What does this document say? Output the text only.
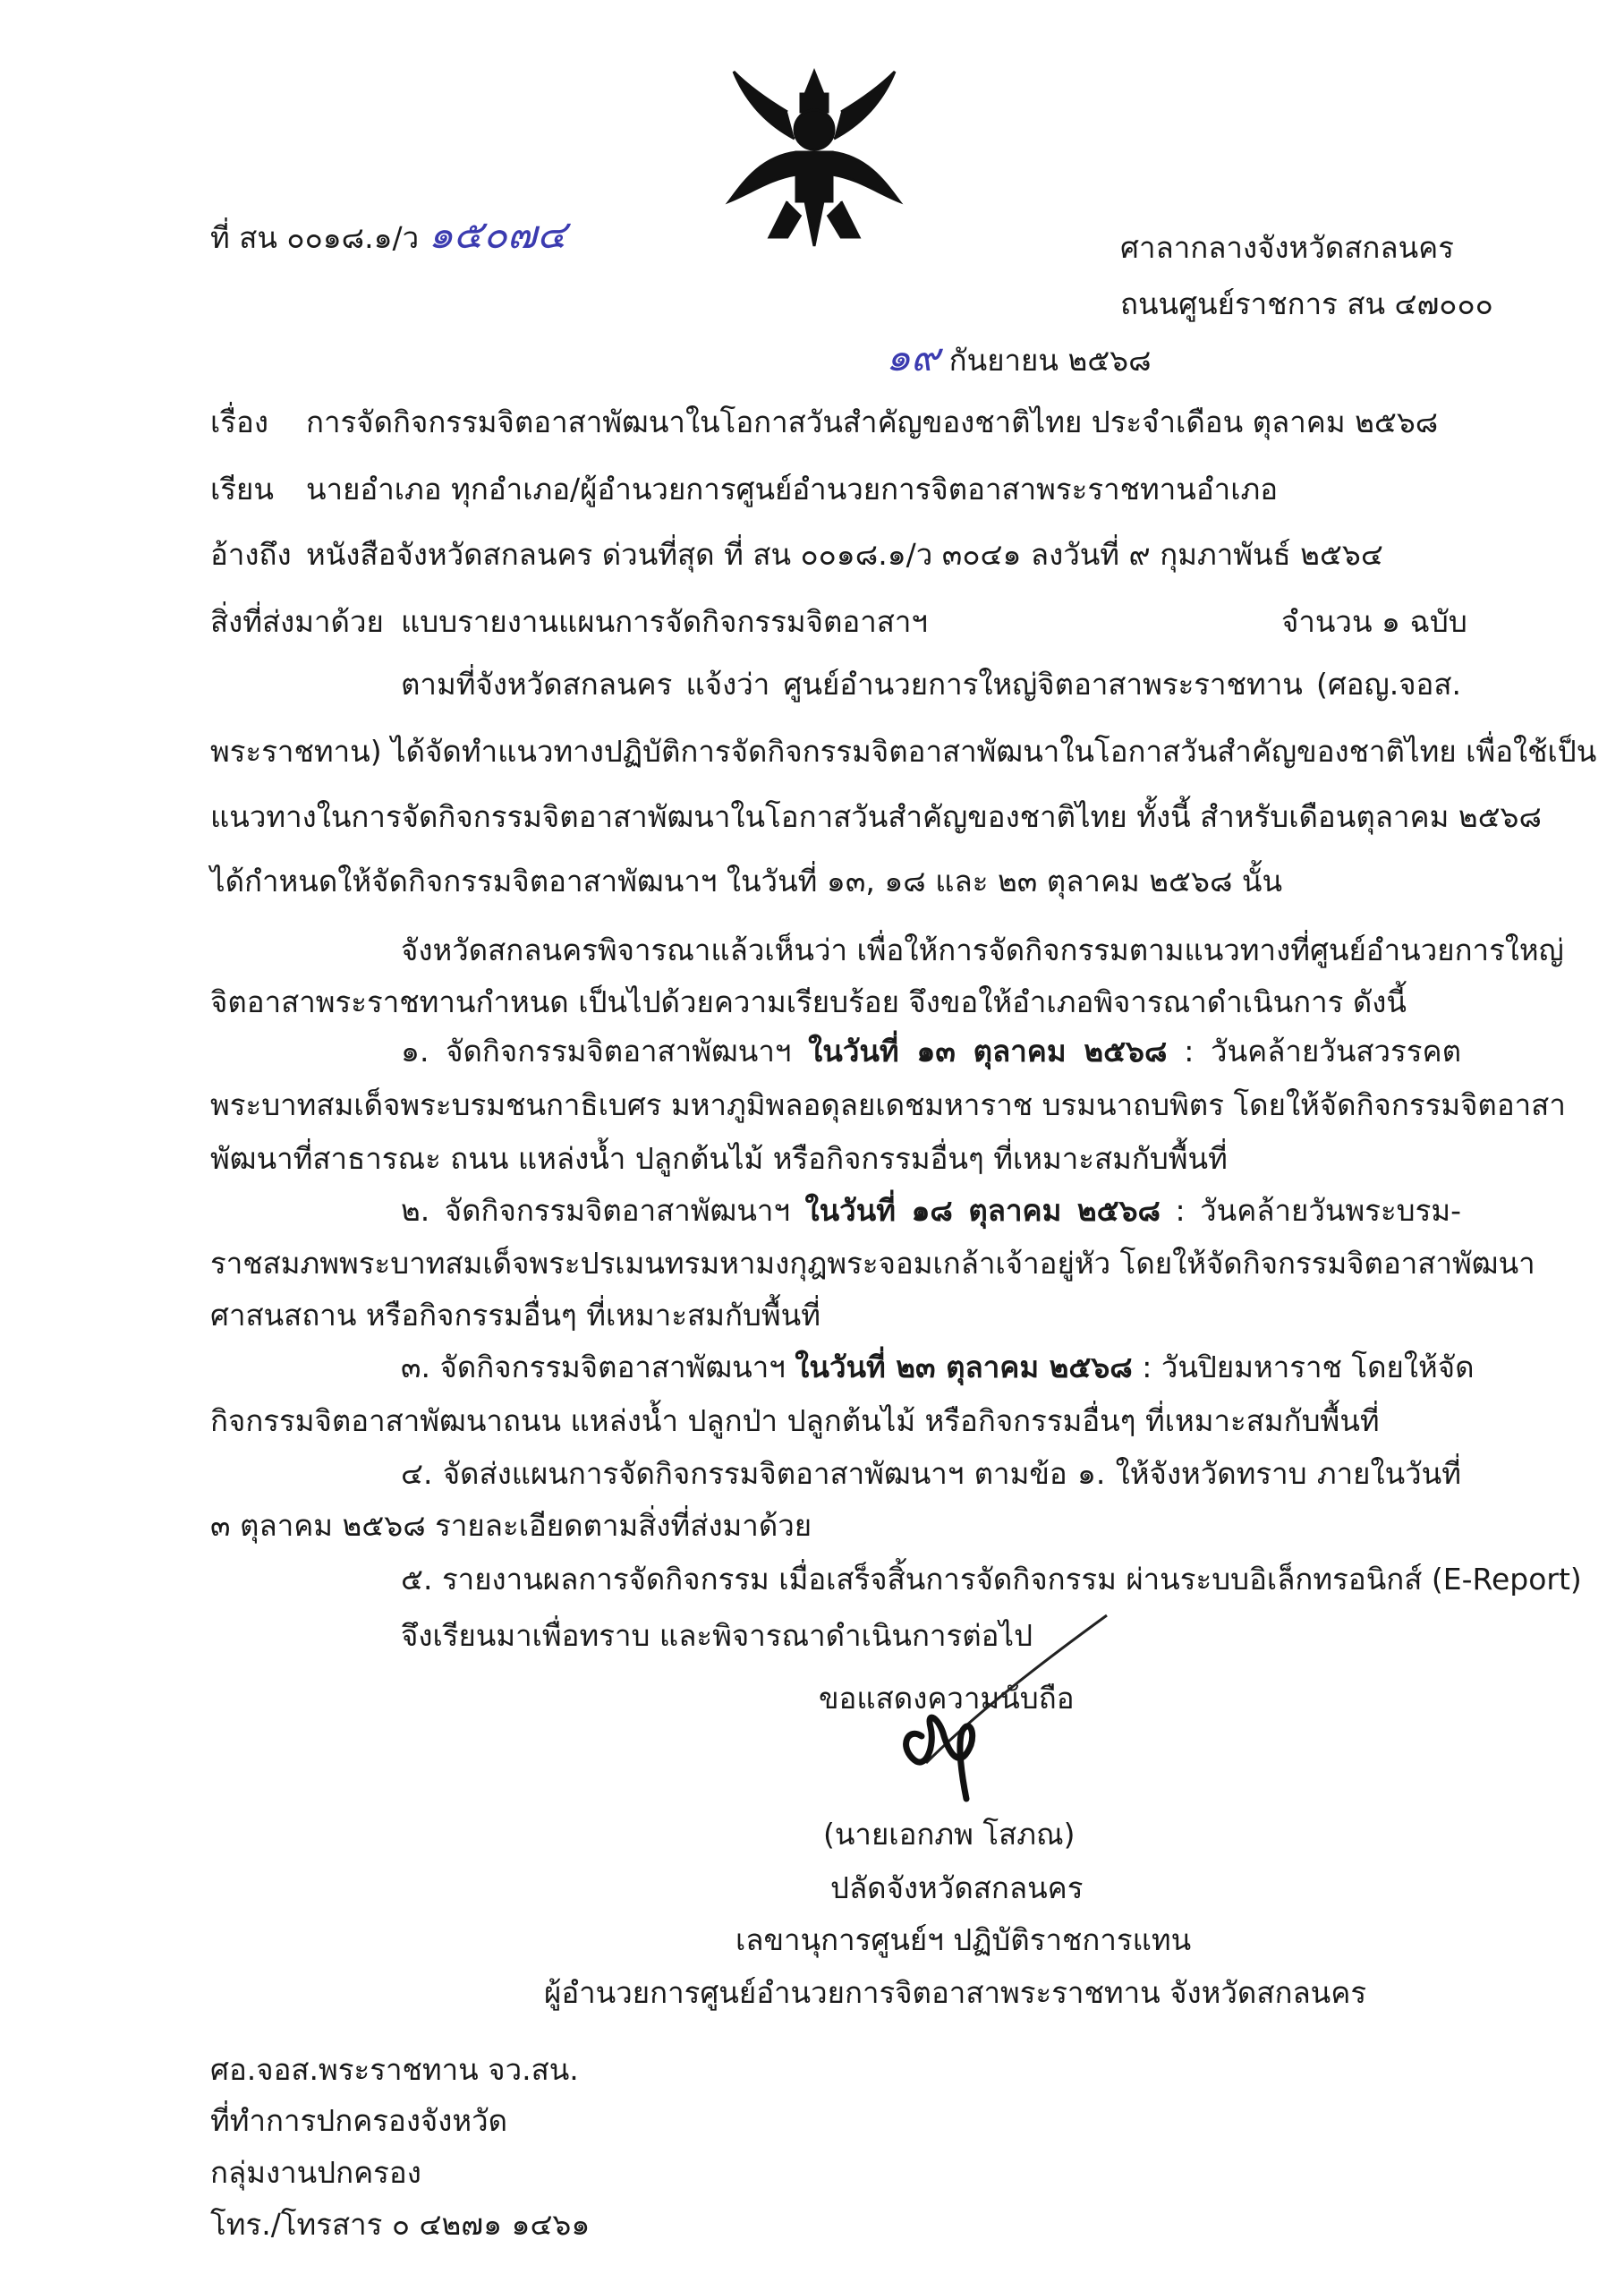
ที่ สน ๐๐๑๘.๑/ว ๑๕๐๗๔	ศาลากลางจังหวัดสกลนคร
ถนนศูนย์ราชการ สน ๔๗๐๐๐
๑๙ กันยายน ๒๕๖๘
เรื่อง การจัดกิจกรรมจิตอาสาพัฒนาในโอกาสวันสำคัญของชาติไทย ประจำเดือน ตุลาคม ๒๕๖๘
เรียน นายอำเภอ ทุกอำเภอ/ผู้อำนวยการศูนย์อำนวยการจิตอาสาพระราชทานอำเภอ
อ้างถึง หนังสือจังหวัดสกลนคร ด่วนที่สุด ที่ สน ๐๐๑๘.๑/ว ๓๐๔๑ ลงวันที่ ๙ กุมภาพันธ์ ๒๕๖๔
สิ่งที่ส่งมาด้วย แบบรายงานแผนการจัดกิจกรรมจิตอาสาฯ	จำนวน ๑ ฉบับ
ตามที่จังหวัดสกลนคร แจ้งว่า ศูนย์อำนวยการใหญ่จิตอาสาพระราชทาน (ศอญ.จอส.
พระราชทาน) ได้จัดทำแนวทางปฏิบัติการจัดกิจกรรมจิตอาสาพัฒนาในโอกาสวันสำคัญของชาติไทย เพื่อใช้เป็น
แนวทางในการจัดกิจกรรมจิตอาสาพัฒนาในโอกาสวันสำคัญของชาติไทย ทั้งนี้ สำหรับเดือนตุลาคม ๒๕๖๘
ได้กำหนดให้จัดกิจกรรมจิตอาสาพัฒนาฯ ในวันที่ ๑๓, ๑๘ และ ๒๓ ตุลาคม ๒๕๖๘ นั้น
จังหวัดสกลนครพิจารณาแล้วเห็นว่า เพื่อให้การจัดกิจกรรมตามแนวทางที่ศูนย์อำนวยการใหญ่
จิตอาสาพระราชทานกำหนด เป็นไปด้วยความเรียบร้อย จึงขอให้อำเภอพิจารณาดำเนินการ ดังนี้
๑. จัดกิจกรรมจิตอาสาพัฒนาฯ ในวันที่ ๑๓ ตุลาคม ๒๕๖๘ : วันคล้ายวันสวรรคต
พระบาทสมเด็จพระบรมชนกาธิเบศร มหาภูมิพลอดุลยเดชมหาราช บรมนาถบพิตร โดยให้จัดกิจกรรมจิตอาสา
พัฒนาที่สาธารณะ ถนน แหล่งน้ำ ปลูกต้นไม้ หรือกิจกรรมอื่นๆ ที่เหมาะสมกับพื้นที่
๒. จัดกิจกรรมจิตอาสาพัฒนาฯ ในวันที่ ๑๘ ตุลาคม ๒๕๖๘ : วันคล้ายวันพระบรม-
ราชสมภพพระบาทสมเด็จพระปรเมนทรมหามงกุฎพระจอมเกล้าเจ้าอยู่หัว โดยให้จัดกิจกรรมจิตอาสาพัฒนา
ศาสนสถาน หรือกิจกรรมอื่นๆ ที่เหมาะสมกับพื้นที่
๓. จัดกิจกรรมจิตอาสาพัฒนาฯ ในวันที่ ๒๓ ตุลาคม ๒๕๖๘ : วันปิยมหาราช โดยให้จัด
กิจกรรมจิตอาสาพัฒนาถนน แหล่งน้ำ ปลูกป่า ปลูกต้นไม้ หรือกิจกรรมอื่นๆ ที่เหมาะสมกับพื้นที่
๔. จัดส่งแผนการจัดกิจกรรมจิตอาสาพัฒนาฯ ตามข้อ ๑. ให้จังหวัดทราบ ภายในวันที่
๓ ตุลาคม ๒๕๖๘ รายละเอียดตามสิ่งที่ส่งมาด้วย
๕. รายงานผลการจัดกิจกรรม เมื่อเสร็จสิ้นการจัดกิจกรรม ผ่านระบบอิเล็กทรอนิกส์ (E-Report)
จึงเรียนมาเพื่อทราบ และพิจารณาดำเนินการต่อไป
ขอแสดงความนับถือ
(นายเอกภพ โสภณ)
ปลัดจังหวัดสกลนคร
เลขานุการศูนย์ฯ ปฏิบัติราชการแทน
ผู้อำนวยการศูนย์อำนวยการจิตอาสาพระราชทาน จังหวัดสกลนคร
ศอ.จอส.พระราชทาน จว.สน.
ที่ทำการปกครองจังหวัด
กลุ่มงานปกครอง
โทร./โทรสาร ๐ ๔๒๗๑ ๑๔๖๑
